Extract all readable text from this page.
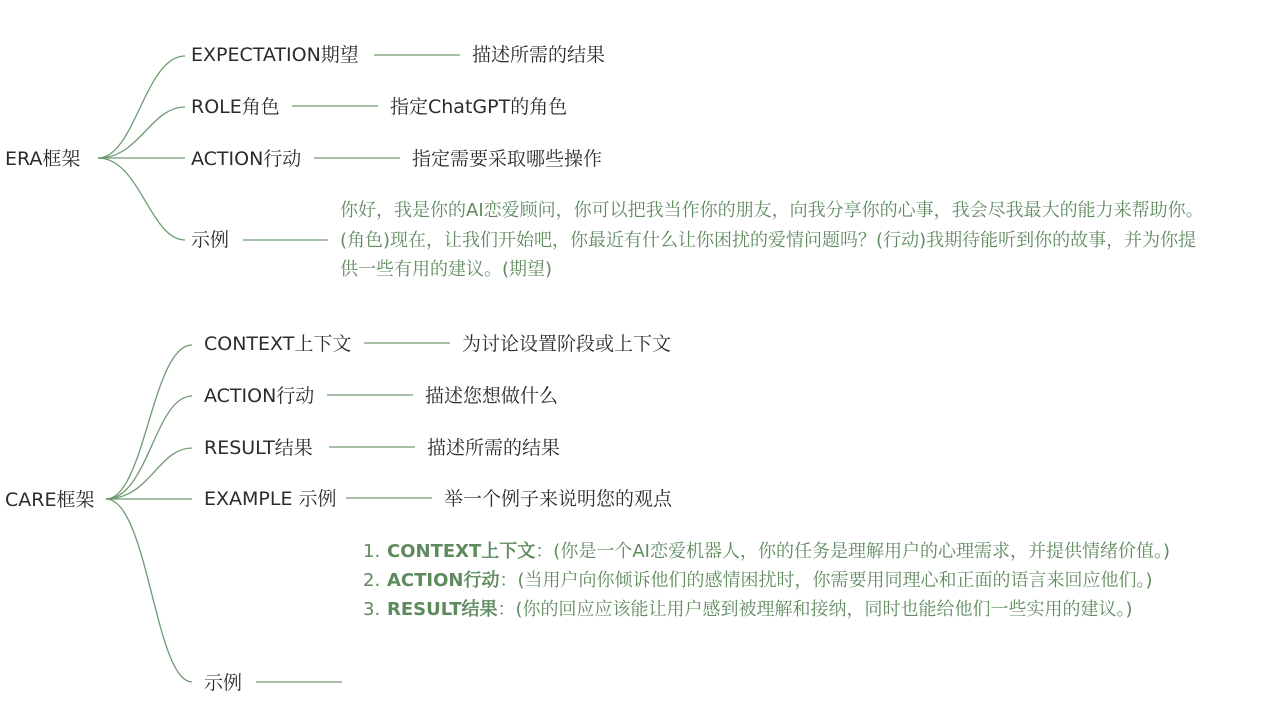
ERA框架
EXPECTATION期望	描述所需的结果
ROLE角色	指定ChatGPT的角色
ACTION行动	指定需要采取哪些操作
示例
你好，我是你的AI恋爱顾问，你可以把我当作你的朋友，向我分享你的心事，我会尽我最大的能力来帮助你。(角色)现在，让我们开始吧，你最近有什么让你困扰的爱情问题吗？(行动)我期待能听到你的故事，并为你提供一些有用的建议。(期望)
CARE框架
CONTEXT上下文	为讨论设置阶段或上下文
ACTION行动	描述您想做什么
RESULT结果	描述所需的结果
EXAMPLE 示例	举一个例子来说明您的观点
示例
1. CONTEXT上下文：(你是一个AI恋爱机器人，你的任务是理解用户的心理需求，并提供情绪价值。)
2. ACTION行动：(当用户向你倾诉他们的感情困扰时，你需要用同理心和正面的语言来回应他们。)
3. RESULT结果：(你的回应应该能让用户感到被理解和接纳，同时也能给他们一些实用的建议。)
